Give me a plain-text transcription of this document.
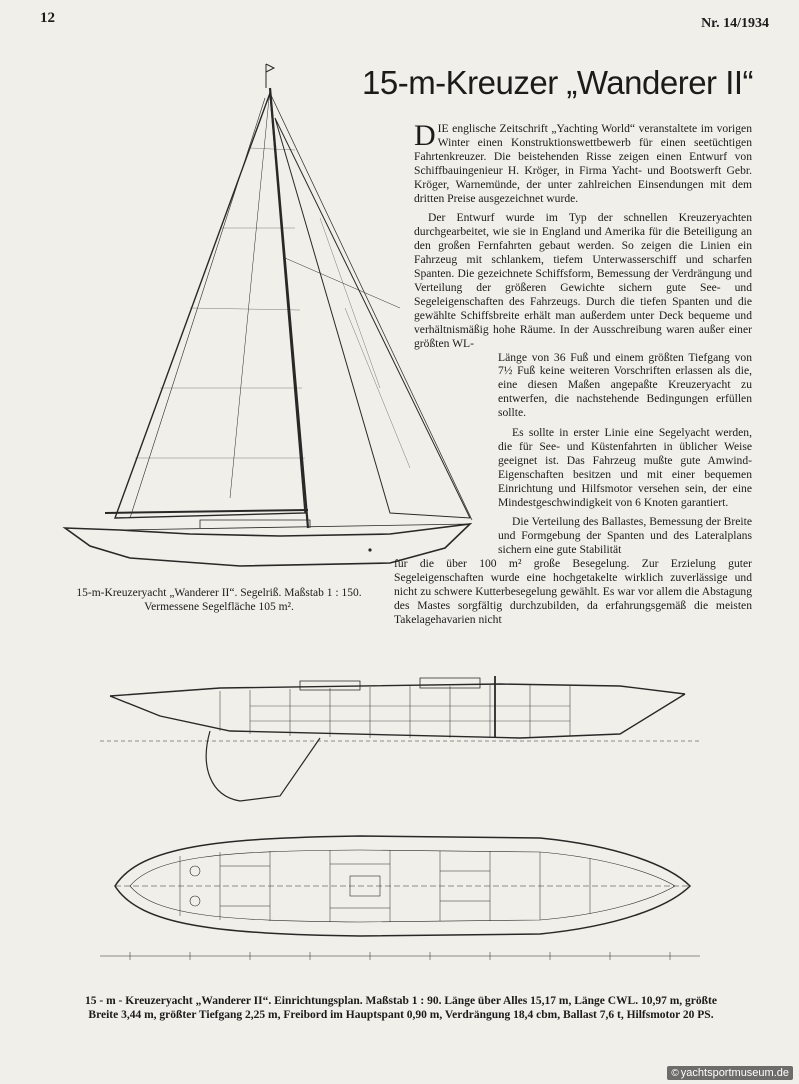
12	Nr. 14/1934
15-m-Kreuzer „Wanderer II“
15-m-Kreuzeryacht „Wanderer II“. Segelriß. Maßstab 1 : 150.
Vermessene Segelfläche 105 m².

DIE englische Zeitschrift „Yachting World“ veranstaltete im vorigen Winter einen Konstruktionswettbewerb für einen seetüchtigen Fahrtenkreuzer. Die beistehenden Risse zeigen einen Entwurf von Schiffbauingenieur H. Kröger, in Firma Yacht- und Bootswerft Gebr. Kröger, Warnemünde, der unter zahlreichen Einsendungen mit dem dritten Preise ausgezeichnet wurde.

Der Entwurf wurde im Typ der schnellen Kreuzeryachten durchgearbeitet, wie sie in England und Amerika für die Beteiligung an den großen Fernfahrten gebaut werden. So zeigen die Linien ein Fahrzeug mit schlankem, tiefem Unterwasserschiff und scharfen Spanten. Die gezeichnete Schiffsform, Bemessung der Verdrängung und Verteilung der größeren Gewichte sichern gute See- und Segeleigenschaften des Fahrzeugs. Durch die tiefen Spanten und die gewählte Schiffsbreite erhält man außerdem unter Deck bequeme und verhältnismäßig hohe Räume. In der Ausschreibung waren außer einer größten WL-

Länge von 36 Fuß und einem größten Tiefgang von 7½ Fuß keine weiteren Vorschriften erlassen als die, eine diesen Maßen angepaßte Kreuzeryacht zu entwerfen, die nachstehende Bedingungen erfüllen sollte.

Es sollte in erster Linie eine Segelyacht werden, die für See- und Küstenfahrten in üblicher Weise geeignet ist. Das Fahrzeug mußte gute Amwind-Eigenschaften besitzen und mit einer bequemen Einrichtung und Hilfsmotor versehen sein, der eine Mindestgeschwindigkeit von 6 Knoten garantiert.

Die Verteilung des Ballastes, Bemessung der Breite und Formgebung der Spanten und des Lateralplans sichern eine gute Stabilität

für die über 100 m² große Besegelung. Zur Erzielung guter Segeleigenschaften wurde eine hochgetakelte wirklich zuverlässige und nicht zu schwere Kutterbesegelung gewählt. Es war vor allem die Abstagung des Mastes sorgfältig durchzubilden, da erfahrungsgemäß die meisten Takelagehavarien nicht

15 - m - Kreuzeryacht „Wanderer II“. Einrichtungsplan. Maßstab 1 : 90. Länge über Alles 15,17 m, Länge CWL. 10,97 m, größte
Breite 3,44 m, größter Tiefgang 2,25 m, Freibord im Hauptspant 0,90 m, Verdrängung 18,4 cbm, Ballast 7,6 t, Hilfsmotor 20 PS.
© yachtsportmuseum.de
